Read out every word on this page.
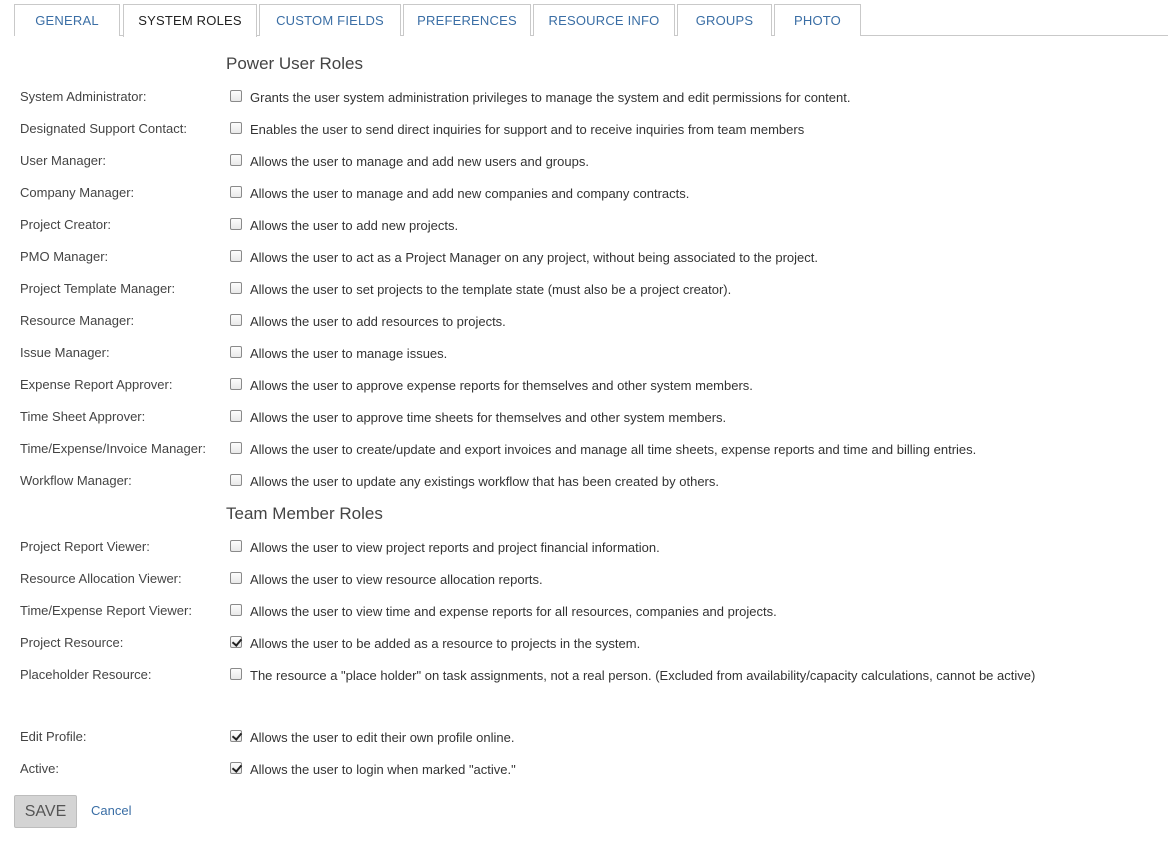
GENERAL	SYSTEM ROLES	CUSTOM FIELDS	PREFERENCES	RESOURCE INFO	GROUPS	PHOTO
Power User Roles
System Administrator:	Grants the user system administration privileges to manage the system and edit permissions for content.
Designated Support Contact:	Enables the user to send direct inquiries for support and to receive inquiries from team members
User Manager:	Allows the user to manage and add new users and groups.
Company Manager:	Allows the user to manage and add new companies and company contracts.
Project Creator:	Allows the user to add new projects.
PMO Manager:	Allows the user to act as a Project Manager on any project, without being associated to the project.
Project Template Manager:	Allows the user to set projects to the template state (must also be a project creator).
Resource Manager:	Allows the user to add resources to projects.
Issue Manager:	Allows the user to manage issues.
Expense Report Approver:	Allows the user to approve expense reports for themselves and other system members.
Time Sheet Approver:	Allows the user to approve time sheets for themselves and other system members.
Time/Expense/Invoice Manager:	Allows the user to create/update and export invoices and manage all time sheets, expense reports and time and billing entries.
Workflow Manager:	Allows the user to update any existings workflow that has been created by others.
Team Member Roles
Project Report Viewer:	Allows the user to view project reports and project financial information.
Resource Allocation Viewer:	Allows the user to view resource allocation reports.
Time/Expense Report Viewer:	Allows the user to view time and expense reports for all resources, companies and projects.
Project Resource:	Allows the user to be added as a resource to projects in the system.
Placeholder Resource:	The resource a "place holder" on task assignments, not a real person. (Excluded from availability/capacity calculations, cannot be active)
Edit Profile:	Allows the user to edit their own profile online.
Active:	Allows the user to login when marked "active."
SAVE	Cancel
